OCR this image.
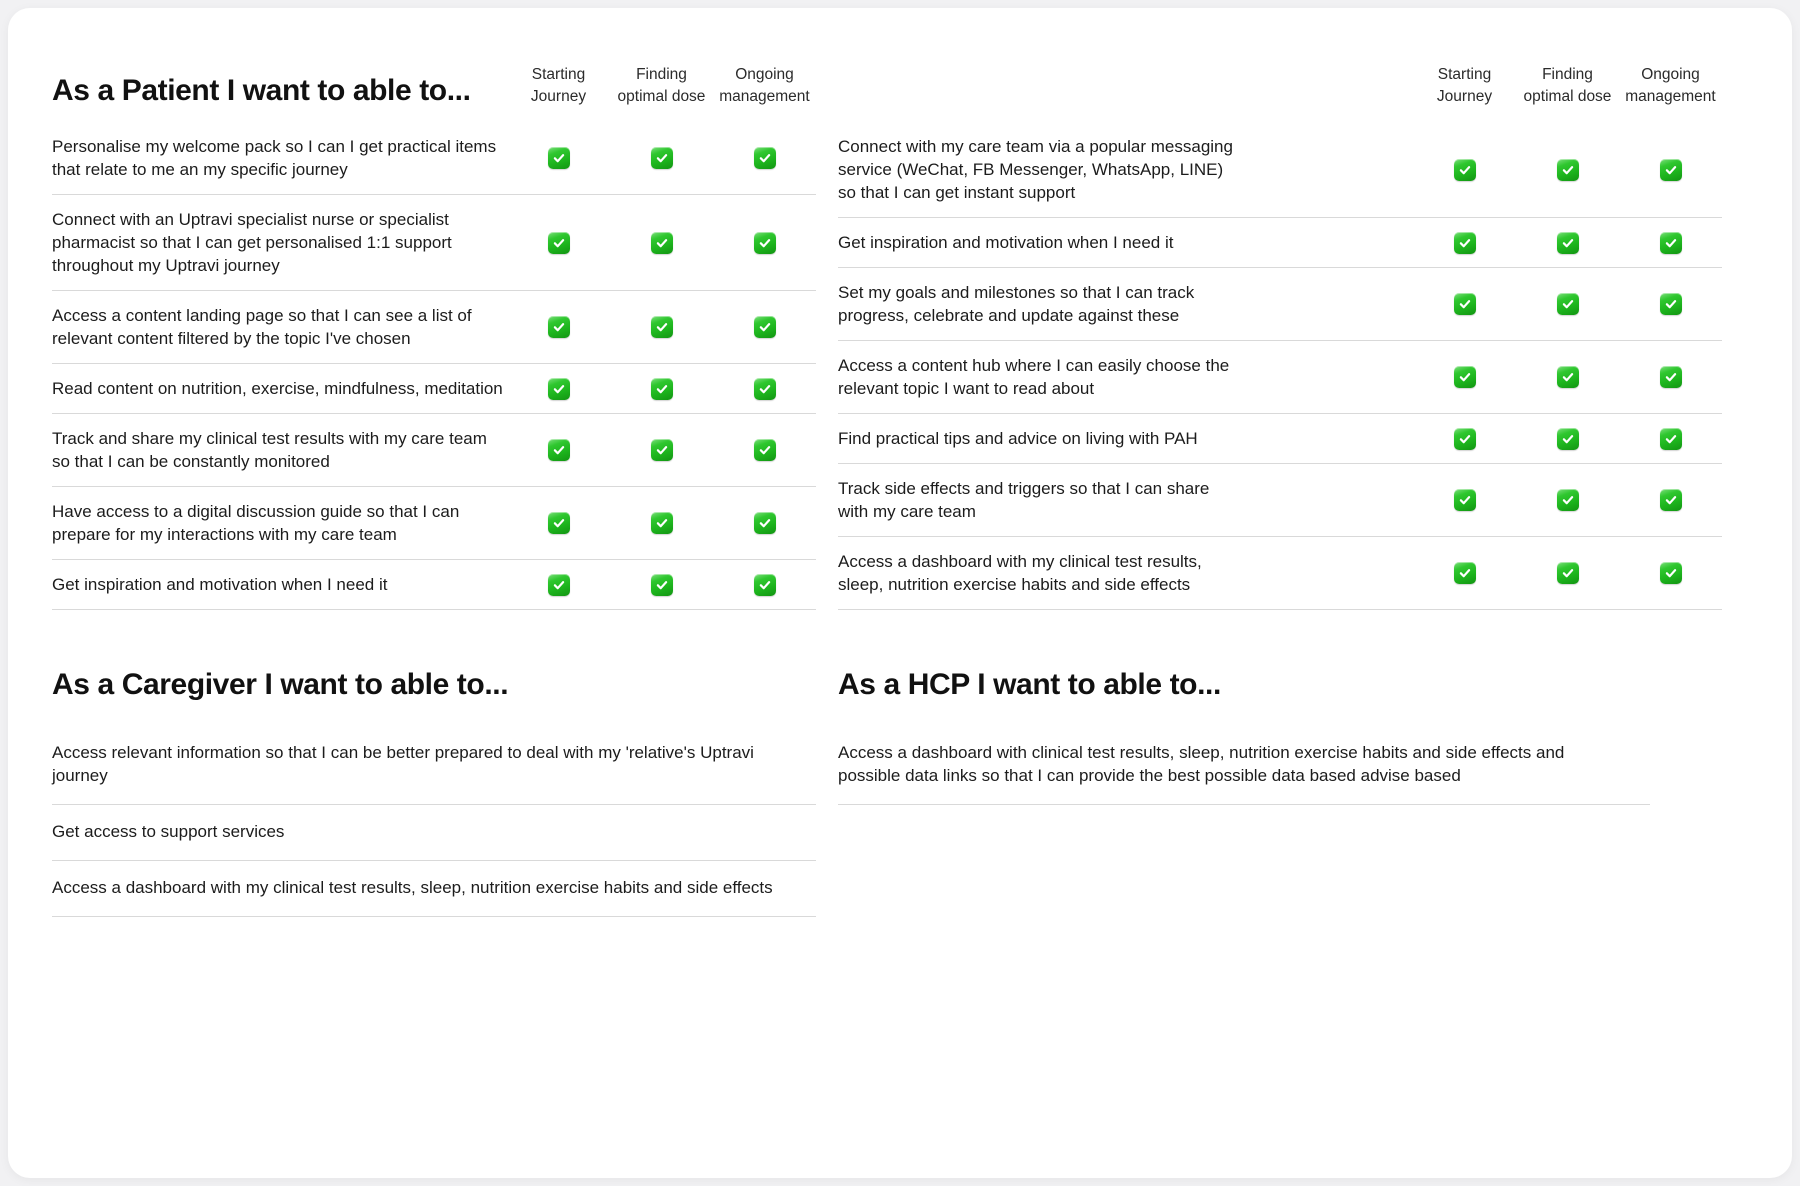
As a Patient I want to able to...	Starting Journey
Finding optimal dose
Ongoing management

Personalise my welcome pack so I can I get practical items that relate to me an my specific journey

Connect with an Uptravi specialist nurse or specialist pharmacist so that I can get personalised 1:1 support throughout my Uptravi journey

Access a content landing page so that I can see a list of relevant content filtered by the topic I've chosen

Read content on nutrition, exercise, mindfulness, meditation

Track and share my clinical test results with my care team so that I can be constantly monitored

Have access to a digital discussion guide so that I can prepare for my interactions with my care team

Get inspiration and motivation when I need it

As a Caregiver I want to able to...

Access relevant information so that I can be better prepared to deal with my 'relative's Uptravi journey

Get access to support services

Access a dashboard with my clinical test results, sleep, nutrition exercise habits and side effects

Starting Journey
Finding optimal dose
Ongoing management

Connect with my care team via a popular messaging service (WeChat, FB Messenger, WhatsApp, LINE) so that I can get instant support

Get inspiration and motivation when I need it

Set my goals and milestones so that I can track progress, celebrate and update against these

Access a content hub where I can easily choose the relevant topic I want to read about

Find practical tips and advice on living with PAH

Track side effects and triggers so that I can share with my care team

Access a dashboard with my clinical test results, sleep, nutrition exercise habits and side effects

As a HCP I want to able to...

Access a dashboard with clinical test results, sleep, nutrition exercise habits and side effects and possible data links so that I can provide the best possible data based advise based
